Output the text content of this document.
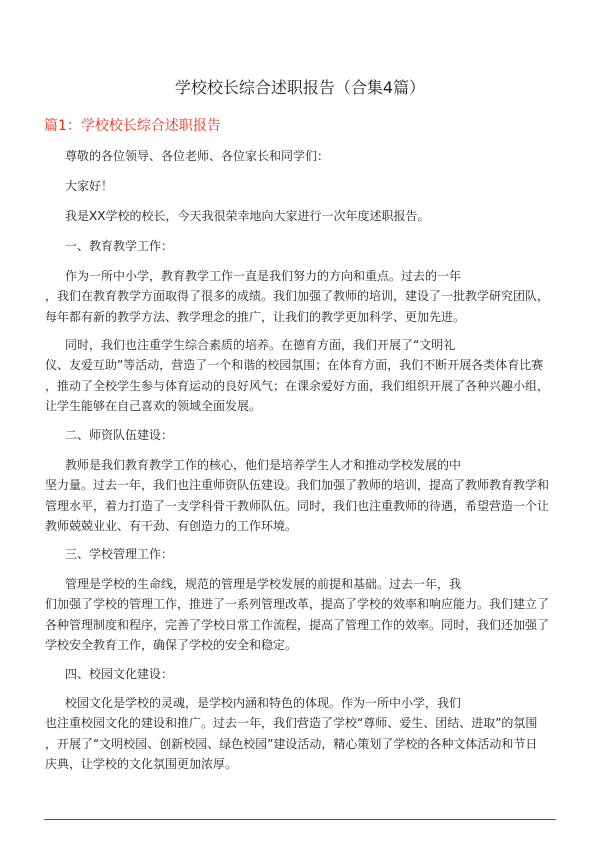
学校校长综合述职报告（合集4篇）
篇1：学校校长综合述职报告
尊敬的各位领导、各位老师、各位家长和同学们：
大家好！
我是XX学校的校长，今天我很荣幸地向大家进行一次年度述职报告。
一、教育教学工作：
作为一所中小学，教育教学工作一直是我们努力的方向和重点。过去的一年
，我们在教育教学方面取得了很多的成绩。我们加强了教师的培训，建设了一批教学研究团队，
每年都有新的教学方法、教学理念的推广，让我们的教学更加科学、更加先进。
同时，我们也注重学生综合素质的培养。在德育方面，我们开展了“文明礼
仪、友爱互助”等活动，营造了一个和谐的校园氛围；在体育方面，我们不断开展各类体育比赛
，推动了全校学生参与体育运动的良好风气；在课余爱好方面，我们组织开展了各种兴趣小组，
让学生能够在自己喜欢的领域全面发展。
二、师资队伍建设：
教师是我们教育教学工作的核心，他们是培养学生人才和推动学校发展的中
坚力量。过去一年，我们也注重师资队伍建设。我们加强了教师的培训，提高了教师教育教学和
管理水平，着力打造了一支学科骨干教师队伍。同时，我们也注重教师的待遇，希望营造一个让
教师兢兢业业、有干劲、有创造力的工作环境。
三、学校管理工作：
管理是学校的生命线，规范的管理是学校发展的前提和基础。过去一年，我
们加强了学校的管理工作，推进了一系列管理改革，提高了学校的效率和响应能力。我们建立了
各种管理制度和程序，完善了学校日常工作流程，提高了管理工作的效率。同时，我们还加强了
学校安全教育工作，确保了学校的安全和稳定。
四、校园文化建设：
校园文化是学校的灵魂，是学校内涵和特色的体现。作为一所中小学，我们
也注重校园文化的建设和推广。过去一年，我们营造了学校“尊师、爱生、团结、进取”的氛围
，开展了“文明校园、创新校园、绿色校园”建设活动，精心策划了学校的各种文体活动和节日
庆典，让学校的文化氛围更加浓厚。
